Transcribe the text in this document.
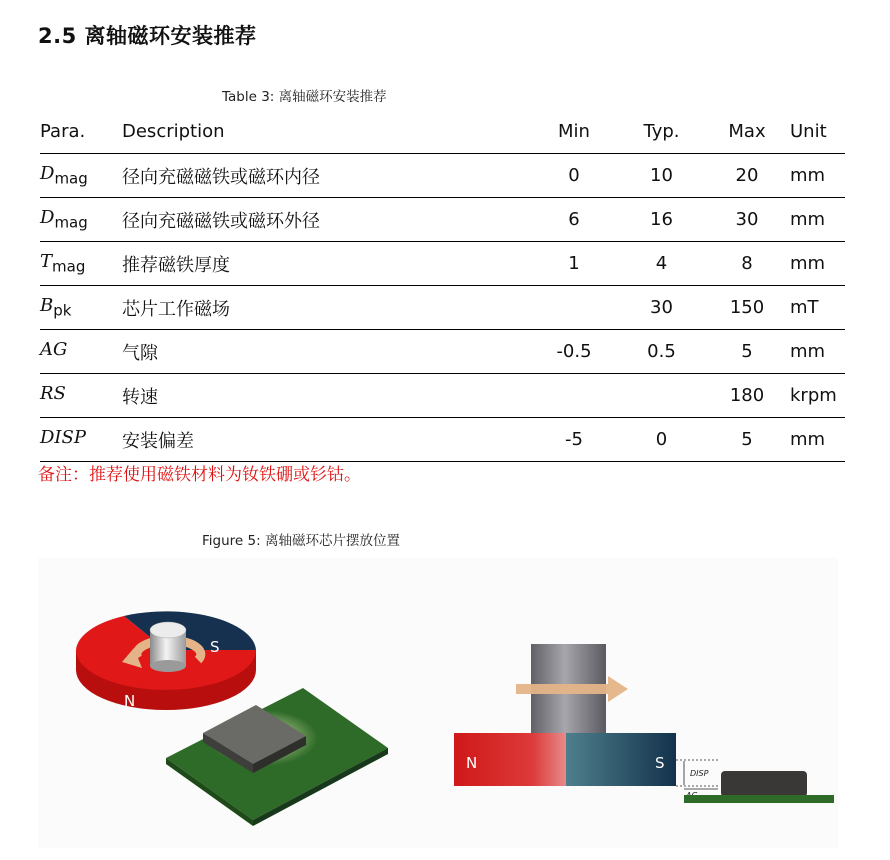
2.5 离轴磁环安装推荐
Table 3: 离轴磁环安装推荐
Para.	Description	Min	Typ.	Max	Unit
$D_{mag}$	径向充磁磁铁或磁环内径	0	10	20	mm
$D_{mag}$	径向充磁磁铁或磁环外径	6	16	30	mm
$T_{mag}$	推荐磁铁厚度	1	4	8	mm
$B_{pk}$	芯片工作磁场		30	150	mT
AG	气隙	-0.5	0.5	5	mm
RS	转速			180	krpm
DISP	安装偏差	-5	0	5	mm
备注：推荐使用磁铁材料为钕铁硼或钐钴。
Figure 5: 离轴磁环芯片摆放位置
N
S
N	S
DISP
